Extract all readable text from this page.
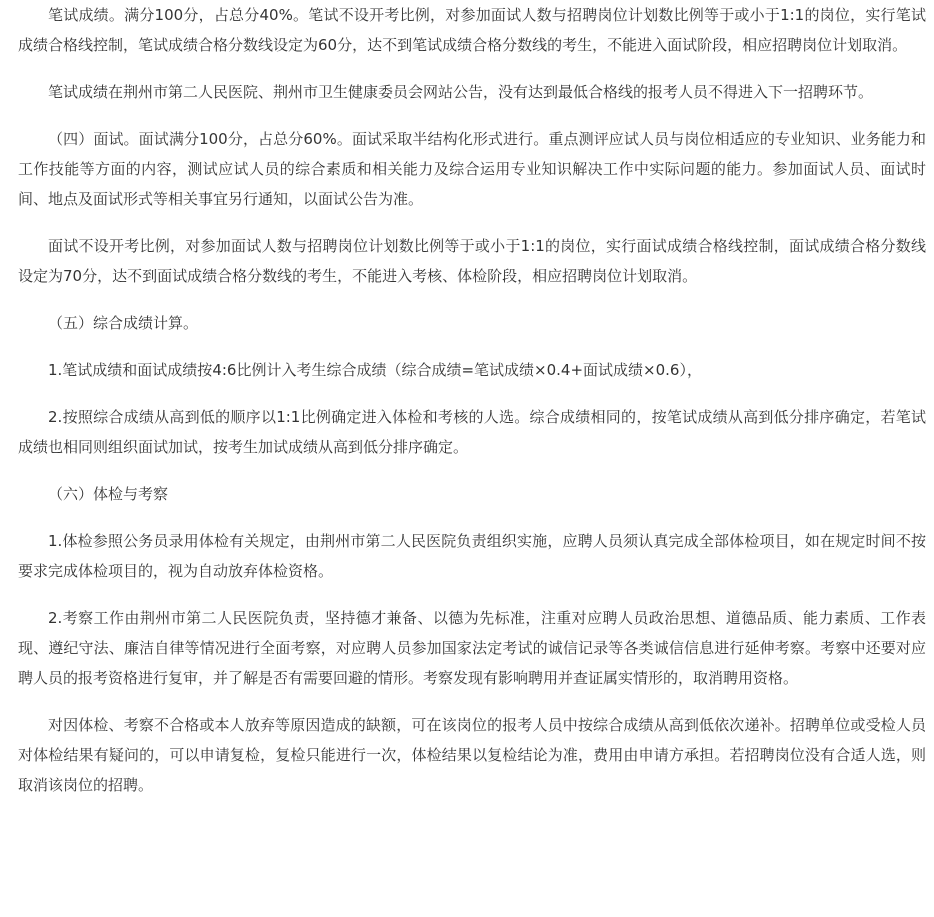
笔试成绩。满分100分，占总分40%。笔试不设开考比例，对参加面试人数与招聘岗位计划数比例等于或小于1:1的岗位，实行笔试成绩合格线控制，笔试成绩合格分数线设定为60分，达不到笔试成绩合格分数线的考生，不能进入面试阶段，相应招聘岗位计划取消。

笔试成绩在荆州市第二人民医院、荆州市卫生健康委员会网站公告，没有达到最低合格线的报考人员不得进入下一招聘环节。

（四）面试。面试满分100分，占总分60%。面试采取半结构化形式进行。重点测评应试人员与岗位相适应的专业知识、业务能力和工作技能等方面的内容，测试应试人员的综合素质和相关能力及综合运用专业知识解决工作中实际问题的能力。参加面试人员、面试时间、地点及面试形式等相关事宜另行通知，以面试公告为准。

面试不设开考比例，对参加面试人数与招聘岗位计划数比例等于或小于1:1的岗位，实行面试成绩合格线控制，面试成绩合格分数线设定为70分，达不到面试成绩合格分数线的考生，不能进入考核、体检阶段，相应招聘岗位计划取消。

（五）综合成绩计算。

1.笔试成绩和面试成绩按4:6比例计入考生综合成绩（综合成绩=笔试成绩×0.4+面试成绩×0.6），

2.按照综合成绩从高到低的顺序以1:1比例确定进入体检和考核的人选。综合成绩相同的，按笔试成绩从高到低分排序确定，若笔试成绩也相同则组织面试加试，按考生加试成绩从高到低分排序确定。

（六）体检与考察

1.体检参照公务员录用体检有关规定，由荆州市第二人民医院负责组织实施，应聘人员须认真完成全部体检项目，如在规定时间不按要求完成体检项目的，视为自动放弃体检资格。

2.考察工作由荆州市第二人民医院负责，坚持德才兼备、以德为先标准，注重对应聘人员政治思想、道德品质、能力素质、工作表现、遵纪守法、廉洁自律等情况进行全面考察，对应聘人员参加国家法定考试的诚信记录等各类诚信信息进行延伸考察。考察中还要对应聘人员的报考资格进行复审，并了解是否有需要回避的情形。考察发现有影响聘用并查证属实情形的，取消聘用资格。

对因体检、考察不合格或本人放弃等原因造成的缺额，可在该岗位的报考人员中按综合成绩从高到低依次递补。招聘单位或受检人员对体检结果有疑问的，可以申请复检，复检只能进行一次，体检结果以复检结论为准，费用由申请方承担。若招聘岗位没有合适人选，则取消该岗位的招聘。
